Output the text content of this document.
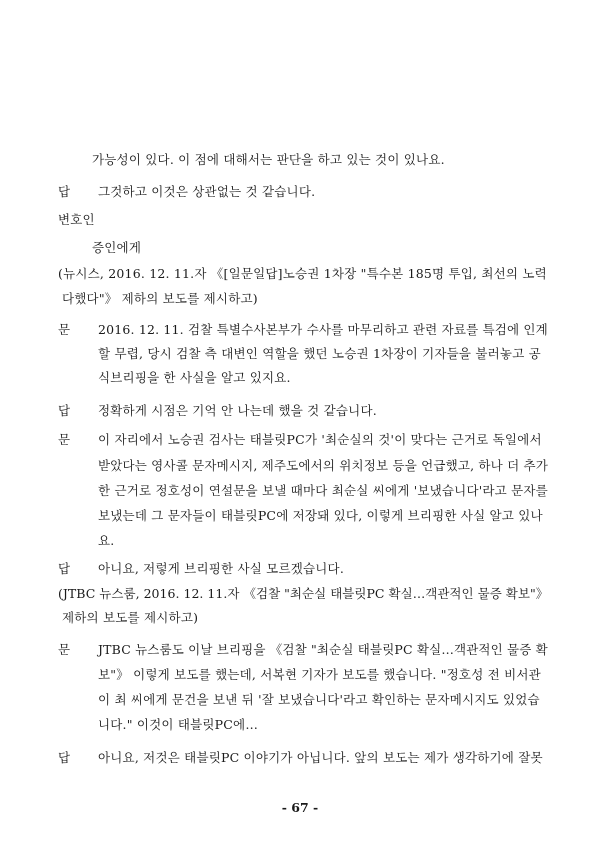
가능성이 있다. 이 점에 대해서는 판단을 하고 있는 것이 있나요.
답 그것하고 이것은 상관없는 것 같습니다.
변호인
증인에게
(뉴시스, 2016. 12. 11.자 《[일문일답]노승권 1차장 "특수본 185명 투입, 최선의 노력
다했다"》 제하의 보도를 제시하고)
문 2016. 12. 11. 검찰 특별수사본부가 수사를 마무리하고 관련 자료를 특검에 인계
할 무렵, 당시 검찰 측 대변인 역할을 했던 노승권 1차장이 기자들을 불러놓고 공
식브리핑을 한 사실을 알고 있지요.
답 정확하게 시점은 기억 안 나는데 했을 것 같습니다.
문 이 자리에서 노승권 검사는 태블릿PC가 '최순실의 것'이 맞다는 근거로 독일에서
받았다는 영사콜 문자메시지, 제주도에서의 위치정보 등을 언급했고, 하나 더 추가
한 근거로 정호성이 연설문을 보낼 때마다 최순실 씨에게 '보냈습니다'라고 문자를
보냈는데 그 문자들이 태블릿PC에 저장돼 있다, 이렇게 브리핑한 사실 알고 있나
요.
답 아니요, 저렇게 브리핑한 사실 모르겠습니다.
(JTBC 뉴스룸, 2016. 12. 11.자 《검찰 "최순실 태블릿PC 확실…객관적인 물증 확보"》
제하의 보도를 제시하고)
문 JTBC 뉴스룸도 이날 브리핑을 《검찰 "최순실 태블릿PC 확실…객관적인 물증 확
보"》 이렇게 보도를 했는데, 서복현 기자가 보도를 했습니다. "정호성 전 비서관
이 최 씨에게 문건을 보낸 뒤 '잘 보냈습니다'라고 확인하는 문자메시지도 있었습
니다." 이것이 태블릿PC에…
답 아니요, 저것은 태블릿PC 이야기가 아닙니다. 앞의 보도는 제가 생각하기에 잘못
- 67 -
